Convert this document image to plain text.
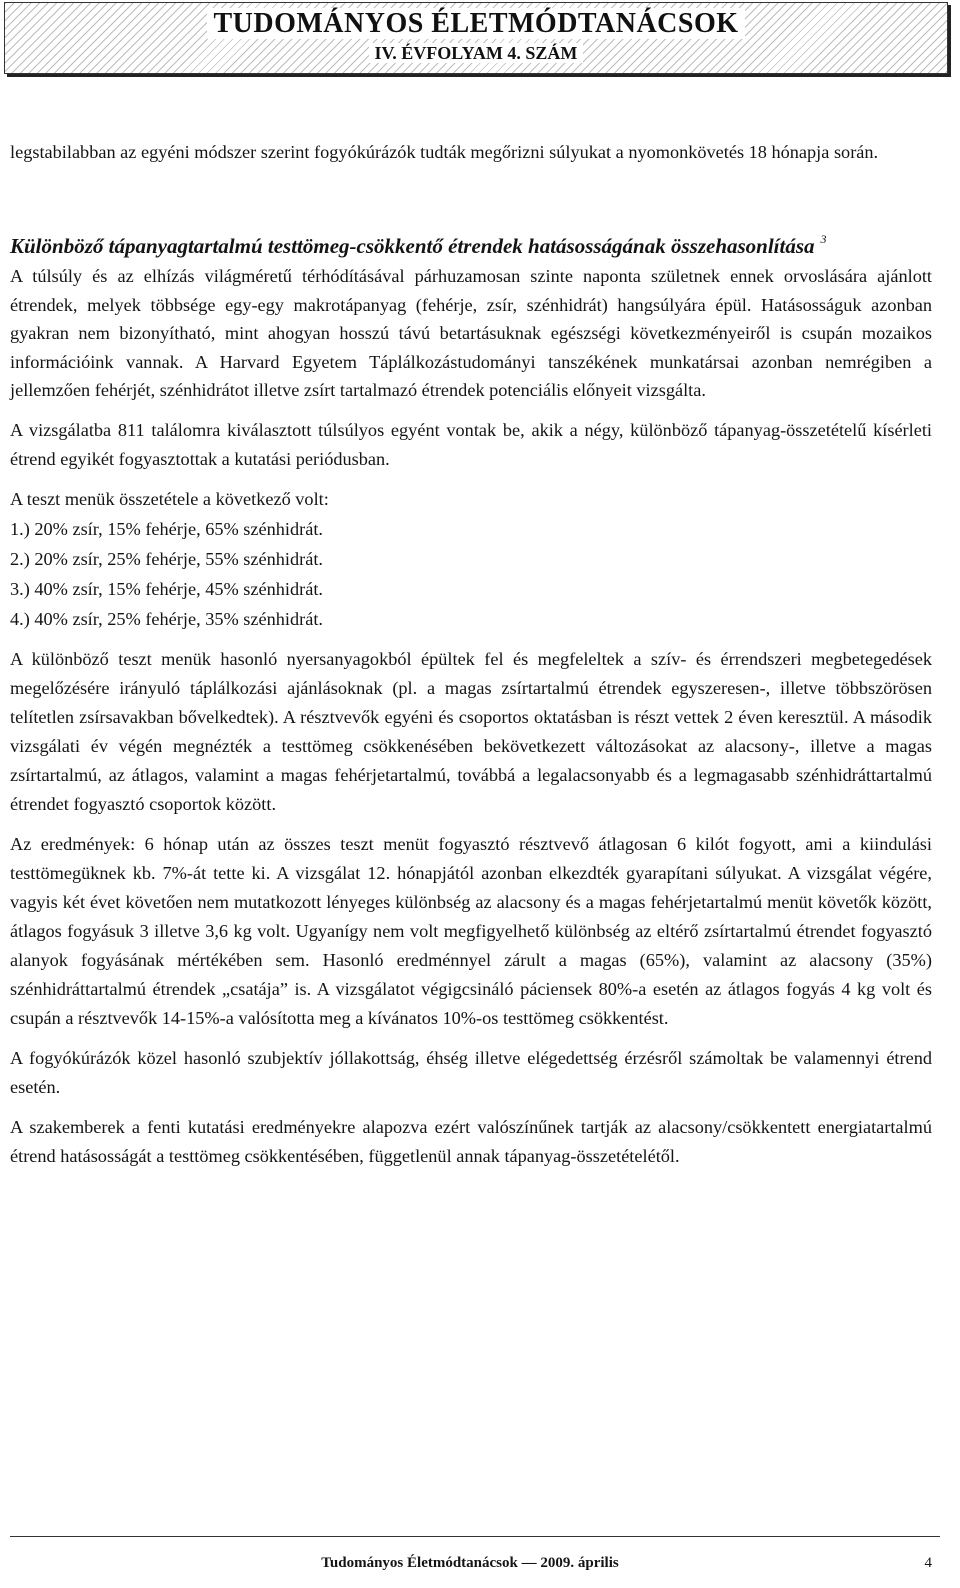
TUDOMÁNYOS ÉLETMÓDTANÁCSOK
IV. ÉVFOLYAM 4. SZÁM

legstabilabban az egyéni módszer szerint fogyókúrázók tudták megőrizni súlyukat a nyomonkövetés 18 hónapja során.

Különböző tápanyagtartalmú testtömeg-csökkentő étrendek hatásosságának összehasonlítása $^3$

A túlsúly és az elhízás világméretű térhódításával párhuzamosan szinte naponta születnek ennek orvoslására ajánlott étrendek, melyek többsége egy-egy makrotápanyag (fehérje, zsír, szénhidrát) hangsúlyára épül. Hatásosságuk azonban gyakran nem bizonyítható, mint ahogyan hosszú távú betartásuknak egészségi következményeiről is csupán mozaikos információink vannak. A Harvard Egyetem Táplálkozástudományi tanszékének munkatársai azonban nemrégiben a jellemzően fehérjét, szénhidrátot illetve zsírt tartalmazó étrendek potenciális előnyeit vizsgálta.

A vizsgálatba 811 találomra kiválasztott túlsúlyos egyént vontak be, akik a négy, különböző tápanyag-összetételű kísérleti étrend egyikét fogyasztottak a kutatási periódusban.

A teszt menük összetétele a következő volt:

1.) 20% zsír, 15% fehérje, 65% szénhidrát.
2.) 20% zsír, 25% fehérje, 55% szénhidrát.
3.) 40% zsír, 15% fehérje, 45% szénhidrát.
4.) 40% zsír, 25% fehérje, 35% szénhidrát.

A különböző teszt menük hasonló nyersanyagokból épültek fel és megfeleltek a szív- és érrendszeri megbetegedések megelőzésére irányuló táplálkozási ajánlásoknak (pl. a magas zsírtartalmú étrendek egyszeresen-, illetve többszörösen telítetlen zsírsavakban bővelkedtek). A résztvevők egyéni és csoportos oktatásban is részt vettek 2 éven keresztül. A második vizsgálati év végén megnézték a testtömeg csökkenésében bekövetkezett változásokat az alacsony-, illetve a magas zsírtartalmú, az átlagos, valamint a magas fehérjetartalmú, továbbá a legalacsonyabb és a legmagasabb szénhidráttartalmú étrendet fogyasztó csoportok között.

Az eredmények: 6 hónap után az összes teszt menüt fogyasztó résztvevő átlagosan 6 kilót fogyott, ami a kiindulási testtömegüknek kb. 7%-át tette ki. A vizsgálat 12. hónapjától azonban elkezdték gyarapítani súlyukat. A vizsgálat végére, vagyis két évet követően nem mutatkozott lényeges különbség az alacsony és a magas fehérjetartalmú menüt követők között, átlagos fogyásuk 3 illetve 3,6 kg volt. Ugyanígy nem volt megfigyelhető különbség az eltérő zsírtartalmú étrendet fogyasztó alanyok fogyásának mértékében sem. Hasonló eredménnyel zárult a magas (65%), valamint az alacsony (35%) szénhidráttartalmú étrendek „csatája” is. A vizsgálatot végigcsináló páciensek 80%-a esetén az átlagos fogyás 4 kg volt és csupán a résztvevők 14-15%-a valósította meg a kívánatos 10%-os testtömeg csökkentést.

A fogyókúrázók közel hasonló szubjektív jóllakottság, éhség illetve elégedettség érzésről számoltak be valamennyi étrend esetén.

A szakemberek a fenti kutatási eredményekre alapozva ezért valószínűnek tartják az alacsony/csökkentett energiatartalmú étrend hatásosságát a testtömeg csökkentésében, függetlenül annak tápanyag-összetételétől.

Tudományos Életmódtanácsok — 2009. április	4
